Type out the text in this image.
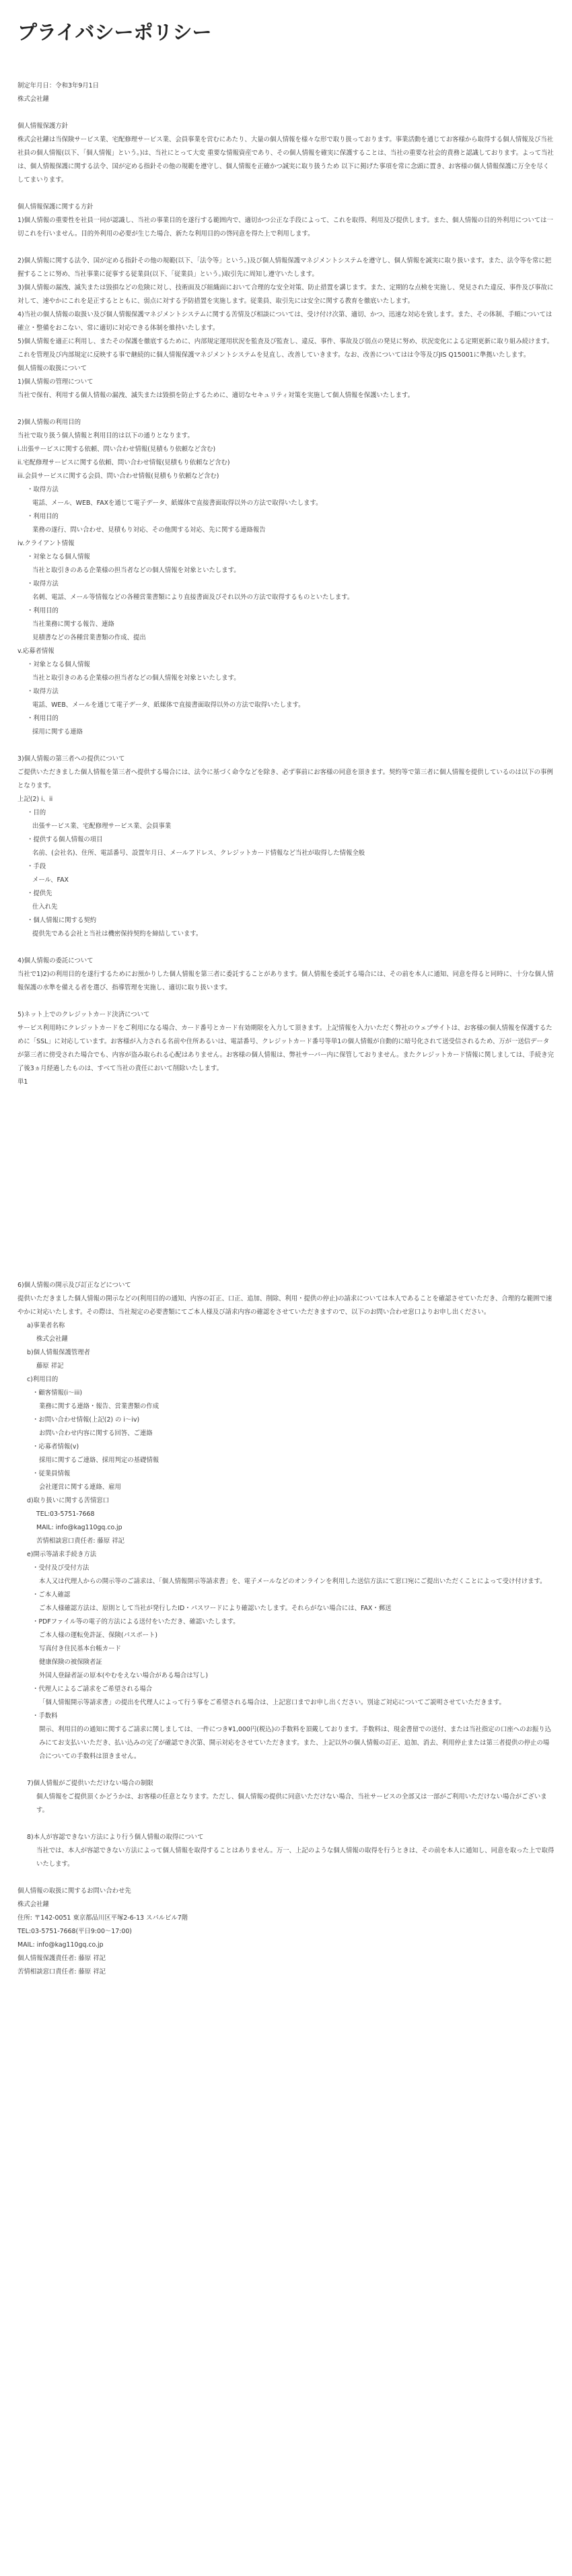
プライバシーポリシー
制定年月日：令和3年9月1日
株式会社鑵
個人情報保護方針
株式会社鑵は当保険サービス業、宅配修理サービス業、会員事業を営むにあたり、大量の個人情報を様々な形で取り扱っております。事業活動を通じてお客様から取得する個人情報及び当社社員の個人情報(以下、「個人情報」という。)は、当社にとって大変 重要な情報資産であり、その個人情報を確実に保護することは、当社の重要な社会的責務と認識しております。よって当社は、個人情報保護に関する法令、国が定める指針その他の規範を遵守し、個人情報を正確かつ誠実に取り扱うため 以下に掲げた事項を常に念頭に置き、お客様の個人情報保護に万全を尽くしてまいります。
個人情報保護に関する方針
1)個人情報の重要性を社員一同が認識し、当社の事業目的を遂行する範囲内で、適切かつ公正な手段によって、これを取得、利用及び提供します。また、個人情報の目的外利用については一切これを行いません。目的外利用の必要が生じた場合、新たな利用目的の啓同意を得た上で利用します。
2)個人情報に関する法令、国が定める指針その他の規範(以下、「法令等」という。)及び個人情報保護マネジメントシステムを遵守し、個人情報を誠実に取り扱います。また、法令等を常に把握することに努め、当社事業に従事する従業員(以下、「従業員」という。)取引先に周知し遵守いたします。
3)個人情報の漏洩、滅失または毀損などの危険に対し、技術面及び組織面において合理的な安全対策、防止措置を講じます。また、定期的な点検を実施し、発見された違反、事件及び事故に対して、速やかにこれを是正するとともに、弱点に対する予防措置を実施します。従業員、取引先には安全に関する教育を徹底いたします。
4)当社の個人情報の取扱い及び個人情報保護マネジメントシステムに関する苦情及び相談については、受け付け次第、適切、かつ、迅速な対応を致します。また、その体制、手順については確立・整備をおこない、常に適切に対応できる体制を維持いたします。
5)個人情報を適正に利用し、またその保護を徹底するために、内部規定運用状況を監査及び監査し、違反、事件、事故及び弱点の発見に努め、状況変化による定期更新に取り組み続けます。これを管理及び内部規定に反映する事で継続的に個人情報保護マネジメントシステムを見直し、改善していきます。なお、改善についてはは令等及びJIS Q15001に準拠いたします。
個人情報の取扱について
1)個人情報の管理について
当社で保有、利用する個人情報の漏洩、滅失または毀損を防止するために、適切なセキュリティ対策を実施して個人情報を保護いたします。
2)個人情報の利用目的
当社で取り扱う個人情報と利用目的は以下の通りとなります。
i.出張サービスに関する依頼、問い合わせ情報(見積もり依頼など含む)
ii.宅配修理サービスに関する依頼、問い合わせ情報(見積もり依頼など含む)
iii.会員サービスに関する会員、問い合わせ情報(見積もり依頼など含む)
・取得方法
電話、メール、WEB、FAXを通じて電子データ、紙媒体で直接書面取得以外の方法で取得いたします。
・利用目的
業務の遂行、問い合わせ、見積もり対応、その他関する対応、先に関する連絡報告
iv.クライアント情報
・対象となる個人情報
当社と取引きのある企業様の担当者などの個人情報を対象といたします。
・取得方法
名刺、電話、メール等情報などの各種営業書類により直接書面及びそれ以外の方法で取得するものといたします。
・利用目的
当社業務に関する報告、連絡
見積書などの各種営業書類の作成、提出
v.応募者情報
・対象となる個人情報
当社と取引きのある企業様の担当者などの個人情報を対象といたします。
・取得方法
電話、WEB、メールを通じて電子データ、紙媒体で直接書面取得以外の方法で取得いたします。
・利用目的
採用に関する連絡
3)個人情報の第三者への提供について
ご提供いただきました個人情報を第三者へ提供する場合には、法令に基づく命令などを除き、必ず事前にお客様の同意を頂きます。契約等で第三者に個人情報を提供しているのは以下の事例となります。
上記(2) i、ii
・目的
出張サービス業、宅配修理サービス業、会員事業
・提供する個人情報の項目
名前、(会社名)、住所、電話番号、設置年月日、メールアドレス、クレジットカード情報など当社が取得した情報全般
・手段
メール、FAX
・提供先
仕入れ先
・個人情報に関する契約
提供先である会社と当社は機密保持契約を締結しています。
4)個人情報の委託について
当社で1)2)の利用目的を遂行するためにお預かりした個人情報を第三者に委託することがあります。個人情報を委託する場合には、その前を本人に通知、同意を得ると同時に、十分な個人情報保護の水準を備える者を選び、指導管理を実施し、適切に取り扱います。
5)ネット上でのクレジットカード決済について
サービス利用時にクレジットカードをご利用になる場合、カード番号とカード有効期限を入力して頂きます。上記情報を入力いただく弊社のウェブサイトは、お客様の個人情報を保護するために「SSL」に対応しています。お客様が入力される名前や住所あるいは、電話番号、クレジットカード番号等単1の個人情報が自動的に暗号化されて送受信されるため、万が一送信データが第三者に傍受された場合でも、内容が盗み取られる心配はありません。お客様の個人情報は、弊社サーバー内に保管しておりません。またクレジットカード情報に関しましては、手続き完了後3ヵ月経過したものは、すべて当社の責任において削除いたします。
単1
6)個人情報の開示及び訂正などについて
提供いただきました個人情報の開示などの(利用目的の通知、内容の訂正、口正、追加、削除、利用・提供の停止)の請求については本人であることを確認させていただき、合理的な範囲で速やかに対応いたします。その際は、当社規定の必要書類にてご本人様及び請求内容の確認をさせていただきますので、以下のお問い合わせ窓口よりお申し出ください。
a)事業者名称
株式会社鑵
b)個人情報保護管理者
藤原 祥記
c)利用目的
・顧客情報(i～iii)
業務に関する連絡・報告、営業書類の作成
・お問い合わせ情報(上記(2) の i～iv)
お問い合わせ内容に関する回答、ご連絡
・応募者情報(v)
採用に関するご連絡、採用判定の基礎情報
・従業員情報
会社運営に関する連絡、雇用
d)取り扱いに関する苦情窓口
TEL:03-5751-7668
MAIL: info@kag110gq.co.jp
苦情相談窓口責任者: 藤原 祥記
e)開示等請求手続き方法
・受付及び受付方法
本人又は代理人からの開示等のご請求は、「個人情報開示等請求書」を、電子メールなどのオンラインを利用した送信方法にて窓口宛にご提出いただくことによって受け付けます。
・ご本人確認
ご本人様確認方法は、原則として当社が発行したID・パスワードにより確認いたします。それらがない場合には、FAX・郵送
・PDFファイル等の電子的方法による送付をいただき、確認いたします。
ご本人様の運転免許証、保険(パスポート)
写真付き住民基本台帳カード
健康保険の被保険者証
外国人登録者証の原本(やむをえない場合がある場合は写し)
・代理人によるご請求をご希望される場合
「個人情報開示等請求書」の提出を代理人によって行う事をご希望される場合は、上記窓口までお申し出ください。別途ご対応についてご説明させていただきます。
・手数料
開示、利用目的の通知に関するご請求に関しましては、一件につき¥1,000円(税込)の手数料を頂戴しております。手数料は、現金書留での送付、または当社指定の口座へのお振り込みにてお支払いいただき、払い込みの完了が確認でき次第、開示対応をさせていただきます。また、上記以外の個人情報の訂正、追加、消去、利用停止または第三者提供の停止の場合についての手数料は頂きません。
7)個人情報がご提供いただけない場合の制限
個人情報をご提供頂くかどうかは、お客様の任意となります。ただし、個人情報の提供に同意いただけない場合、当社サービスの全部又は一部がご利用いただけない場合がございます。
8)本人が容認できない方法により行う個人情報の取得について
当社では、本人が容認できない方法によって個人情報を取得することはありません。万一、上記のような個人情報の取得を行うときは、その前を本人に通知し、同意を取った上で取得いたします。
個人情報の取扱に関するお問い合わせ先
株式会社鑵
住所: 〒142-0051 東京都品川区平塚2-6-13 スパルビル7階
TEL:03-5751-7668(平日9:00～17:00)
MAIL: info@kag110gq.co.jp
個人情報保護責任者: 藤原 祥記
苦情相談窓口責任者: 藤原 祥記
